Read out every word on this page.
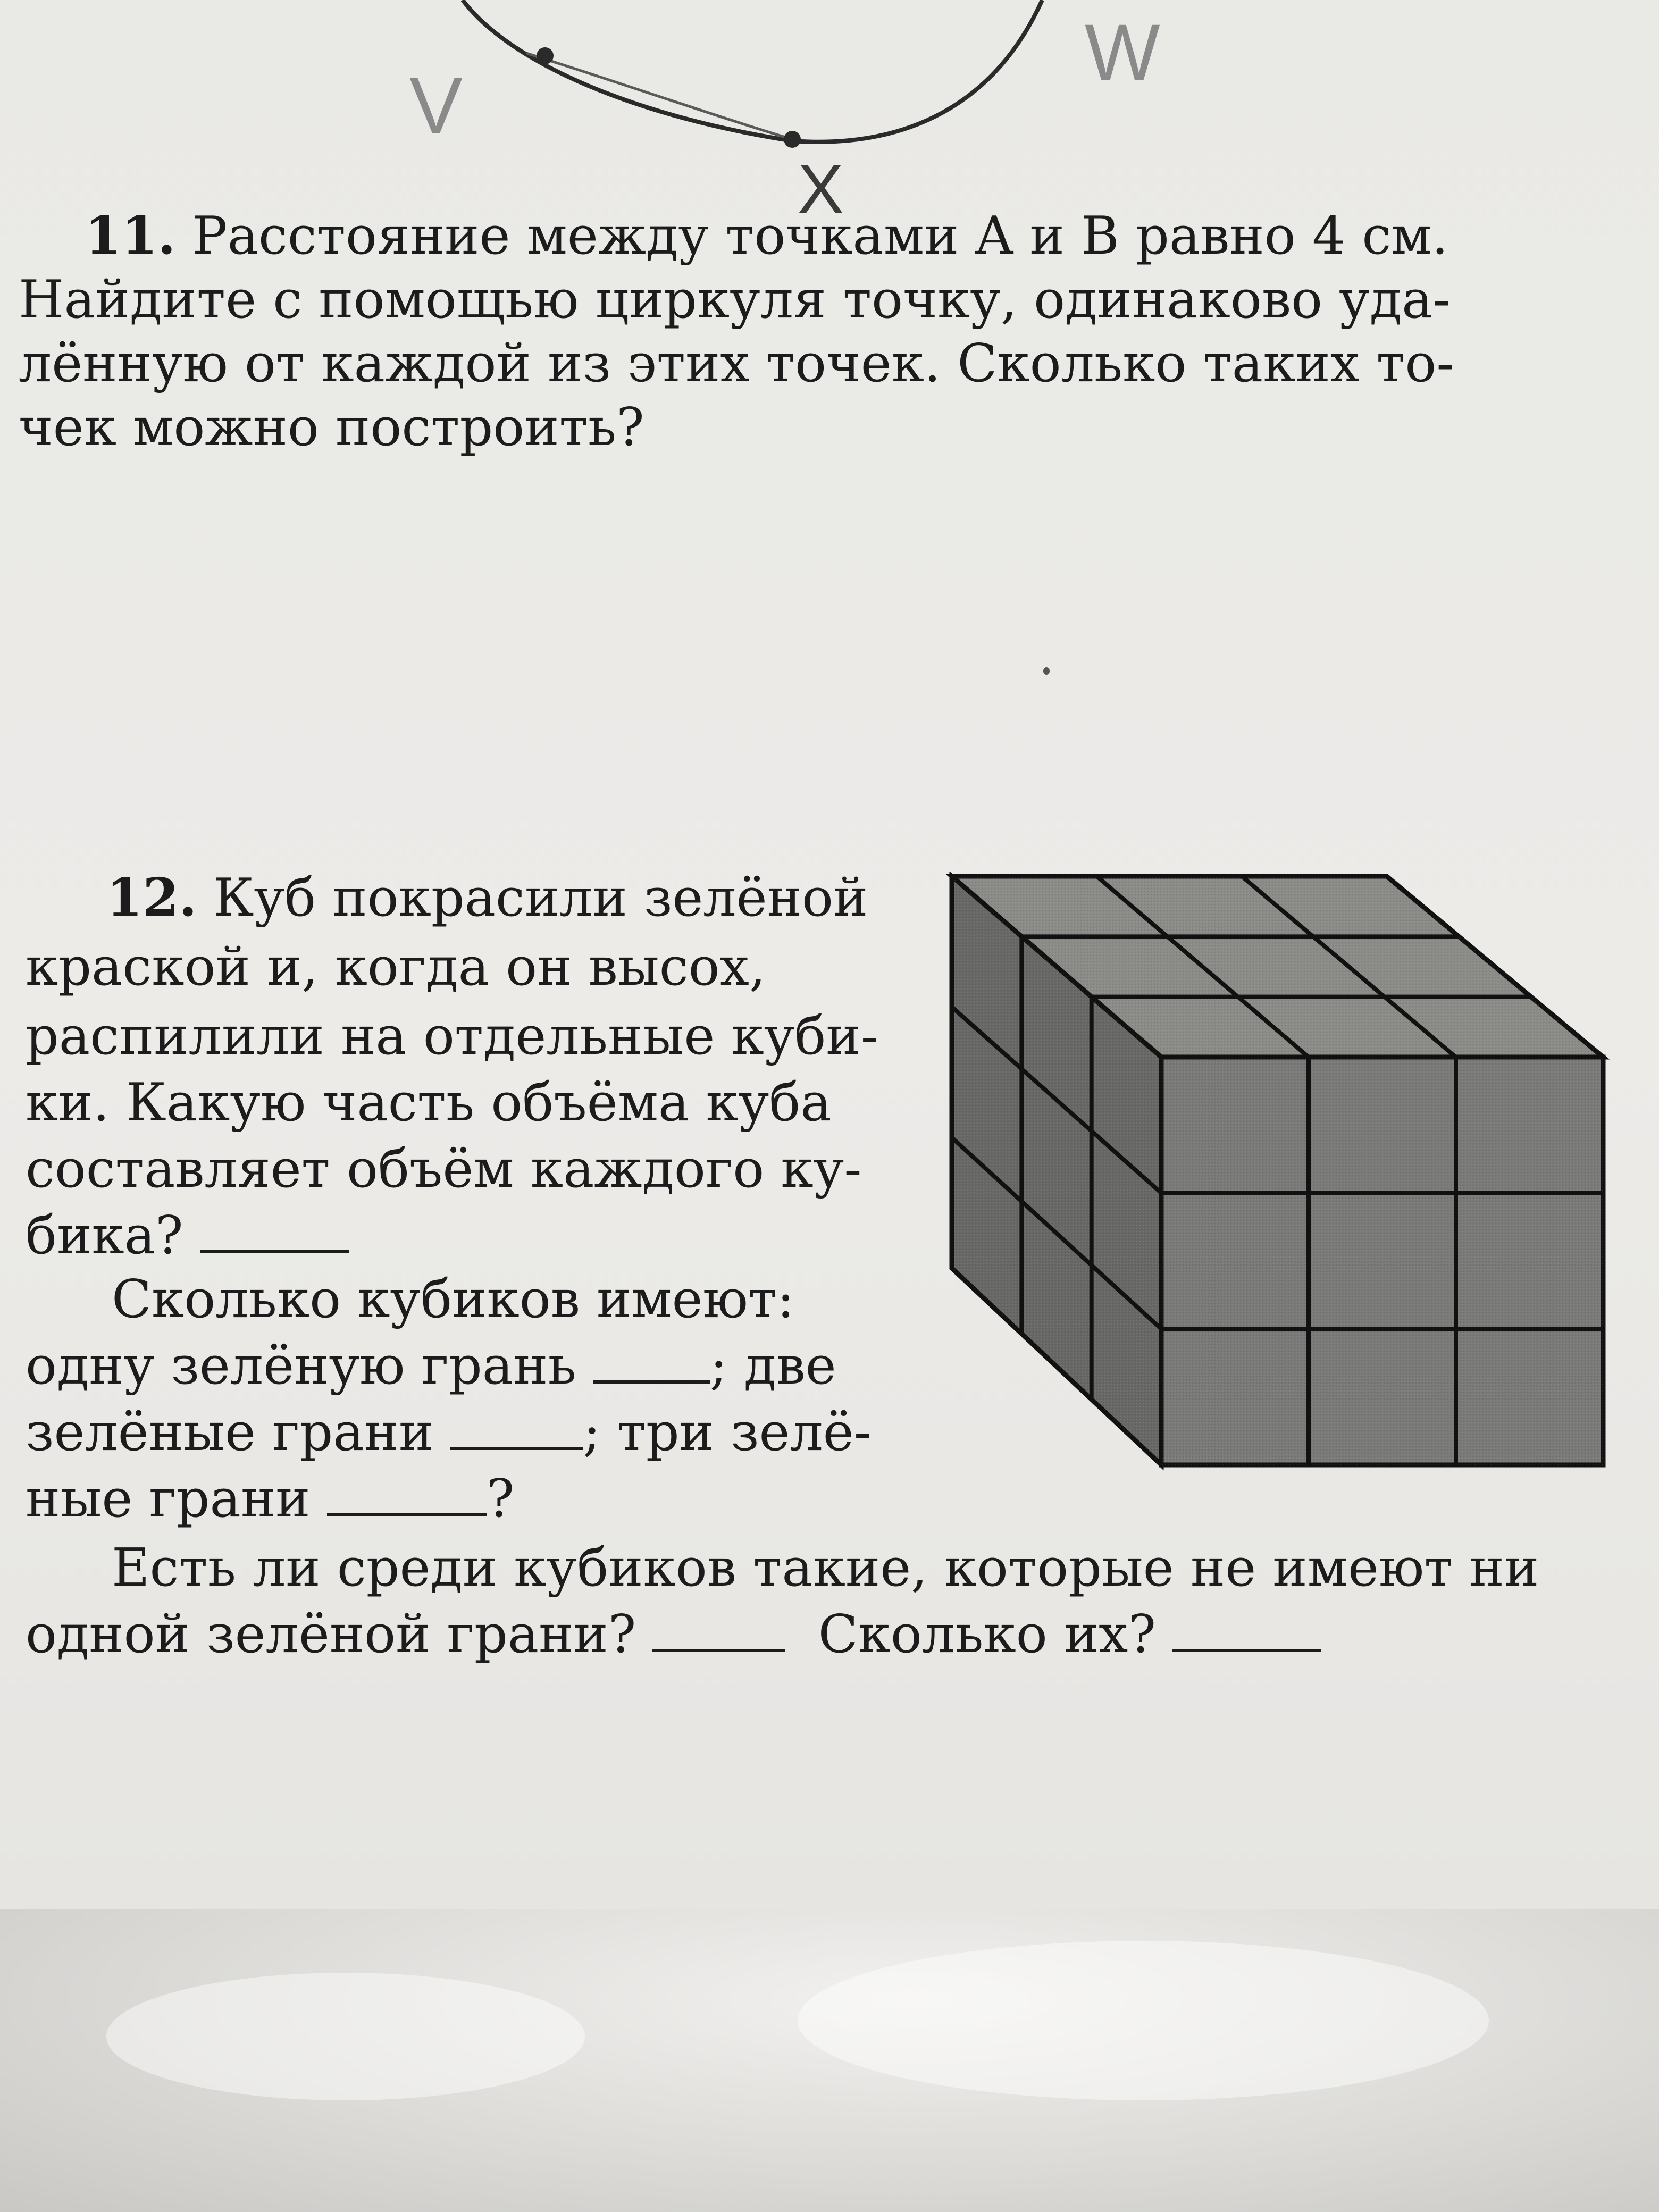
V
W
X
11. Расстояние между точками A и B равно 4 см.
Найдите с помощью циркуля точку, одинаково уда-
лённую от каждой из этих точек. Сколько таких то-
чек можно построить?
12. Куб покрасили зелёной
краской и, когда он высох,
распилили на отдельные куби-
ки. Какую часть объёма куба
составляет объём каждого ку-
бика?
Сколько кубиков имеют:
одну зелёную грань	; две
зелёные грани	; три зелё-
ные грани	?
Есть ли среди кубиков такие, которые не имеют ни
одной зелёной грани?	Сколько их?
